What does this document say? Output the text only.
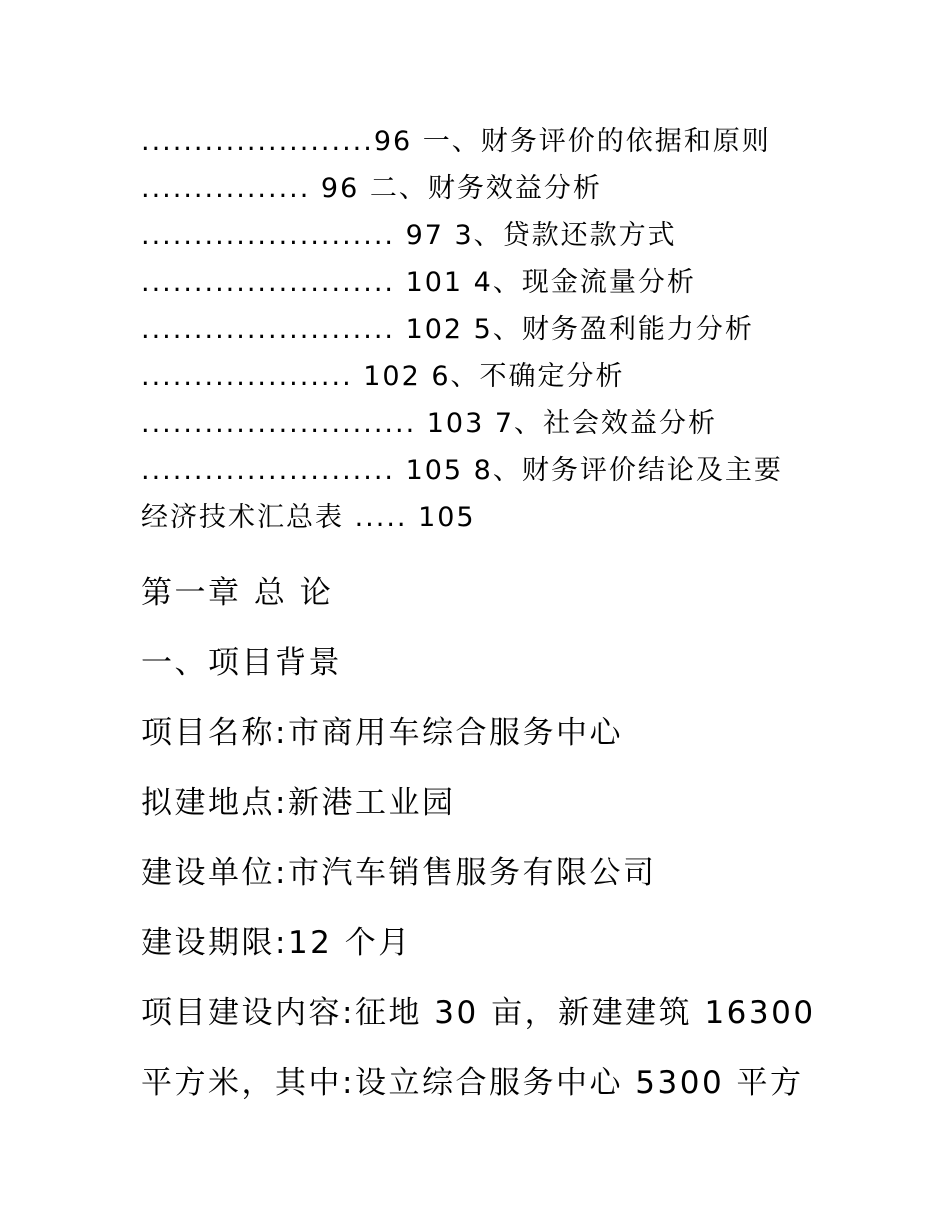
......................96 一、财务评价的依据和原则
................ 96 二、财务效益分析
........................ 97 3、贷款还款方式
........................ 101 4、现金流量分析
........................ 102 5、财务盈利能力分析
.................... 102 6、不确定分析
.......................... 103 7、社会效益分析
........................ 105 8、财务评价结论及主要
经济技术汇总表 ..... 105
第一章 总 论
一、项目背景
项目名称:市商用车综合服务中心
拟建地点:新港工业园
建设单位:市汽车销售服务有限公司
建设期限:12 个月
项目建设内容:征地 30 亩，新建建筑 16300
平方米，其中:设立综合服务中心 5300 平方
